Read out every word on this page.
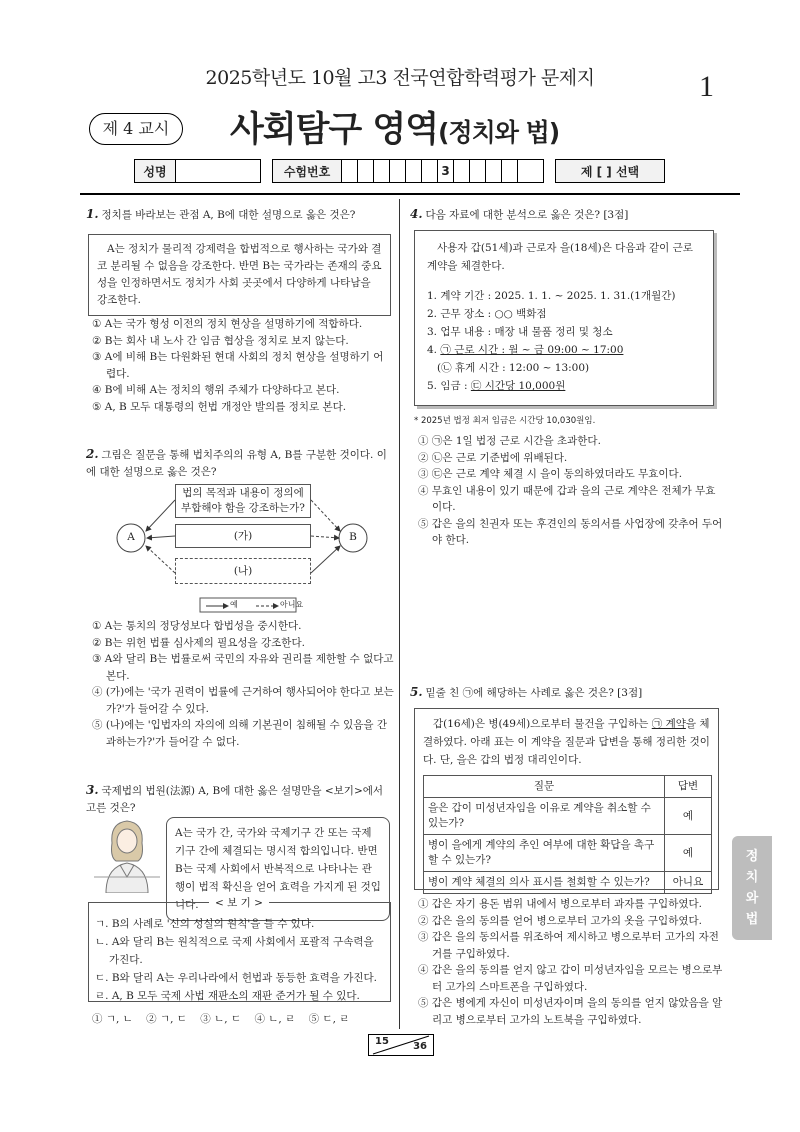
2025학년도 10월 고3 전국연합학력평가 문제지	1
제 4 교시	사회탐구 영역(정치와 법)
성명	수험번호	3	제 [ ] 선택
1. 정치를 바라보는 관점 A, B에 대한 설명으로 옳은 것은?
A는 정치가 물리적 강제력을 합법적으로 행사하는 국가와 결코 분리될 수 없음을 강조한다. 반면 B는 국가라는 존재의 중요성을 인정하면서도 정치가 사회 곳곳에서 다양하게 나타남을 강조한다.
① A는 국가 형성 이전의 정치 현상을 설명하기에 적합하다.
② B는 회사 내 노사 간 임금 협상을 정치로 보지 않는다.
③ A에 비해 B는 다원화된 현대 사회의 정치 현상을 설명하기 어렵다.
④ B에 비해 A는 정치의 행위 주체가 다양하다고 본다.
⑤ A, B 모두 대통령의 헌법 개정안 발의를 정치로 본다.
2. 그림은 질문을 통해 법치주의의 유형 A, B를 구분한 것이다. 이에 대한 설명으로 옳은 것은?
A	B
법의 목적과 내용이 정의에 부합해야 함을 강조하는가?
(가)
(나)
예	아니요
① A는 통치의 정당성보다 합법성을 중시한다.
② B는 위헌 법률 심사제의 필요성을 강조한다.
③ A와 달리 B는 법률로써 국민의 자유와 권리를 제한할 수 없다고 본다.
④ (가)에는 '국가 권력이 법률에 근거하여 행사되어야 한다고 보는가?'가 들어갈 수 있다.
⑤ (나)에는 '입법자의 자의에 의해 기본권이 침해될 수 있음을 간과하는가?'가 들어갈 수 없다.
3. 국제법의 법원(法源) A, B에 대한 옳은 설명만을 <보기>에서 고른 것은?
A는 국가 간, 국가와 국제기구 간 또는 국제기구 간에 체결되는 명시적 합의입니다. 반면 B는 국제 사회에서 반복적으로 나타나는 관행이 법적 확신을 얻어 효력을 가지게 된 것입니다.	< 보 기 >
ㄱ. B의 사례로 '신의 성실의 원칙'을 들 수 있다.
ㄴ. A와 달리 B는 원칙적으로 국제 사회에서 포괄적 구속력을 가진다.
ㄷ. B와 달리 A는 우리나라에서 헌법과 동등한 효력을 가진다.
ㄹ. A, B 모두 국제 사법 재판소의 재판 준거가 될 수 있다.
① ㄱ, ㄴ    ② ㄱ, ㄷ    ③ ㄴ, ㄷ    ④ ㄴ, ㄹ    ⑤ ㄷ, ㄹ
4. 다음 자료에 대한 분석으로 옳은 것은? [3점]
사용자 갑(51세)과 근로자 을(18세)은 다음과 같이 근로 계약을 체결한다.
1. 계약 기간 : 2025. 1. 1. ~ 2025. 1. 31.(1개월간)
2. 근무 장소 : ○○ 백화점
3. 업무 내용 : 매장 내 물품 정리 및 청소
4. ㉠ 근로 시간 : 월 ~ 금 09:00 ~ 17:00
(㉡ 휴게 시간 : 12:00 ~ 13:00)
5. 임금 : ㉢ 시간당 10,000원
* 2025년 법정 최저 임금은 시간당 10,030원임.
① ㉠은 1일 법정 근로 시간을 초과한다.
② ㉡은 근로 기준법에 위배된다.
③ ㉢은 근로 계약 체결 시 을이 동의하였더라도 무효이다.
④ 무효인 내용이 있기 때문에 갑과 을의 근로 계약은 전체가 무효이다.
⑤ 갑은 을의 친권자 또는 후견인의 동의서를 사업장에 갖추어 두어야 한다.
5. 밑줄 친 ㉠에 해당하는 사례로 옳은 것은? [3점]
갑(16세)은 병(49세)으로부터 물건을 구입하는 ㉠ 계약을 체결하였다. 아래 표는 이 계약을 질문과 답변을 통해 정리한 것이다. 단, 을은 갑의 법정 대리인이다.
질문	답변
을은 갑이 미성년자임을 이유로 계약을 취소할 수 있는가?	예
병이 을에게 계약의 추인 여부에 대한 확답을 촉구할 수 있는가?	예
병이 계약 체결의 의사 표시를 철회할 수 있는가?	아니요
① 갑은 자기 용돈 범위 내에서 병으로부터 과자를 구입하였다.
② 갑은 을의 동의를 얻어 병으로부터 고가의 옷을 구입하였다.
③ 갑은 을의 동의서를 위조하여 제시하고 병으로부터 고가의 자전거를 구입하였다.
④ 갑은 을의 동의를 얻지 않고 갑이 미성년자임을 모르는 병으로부터 고가의 스마트폰을 구입하였다.
⑤ 갑은 병에게 자신이 미성년자이며 을의 동의를 얻지 않았음을 알리고 병으로부터 고가의 노트북을 구입하였다.
정
치
와
법
15 36
